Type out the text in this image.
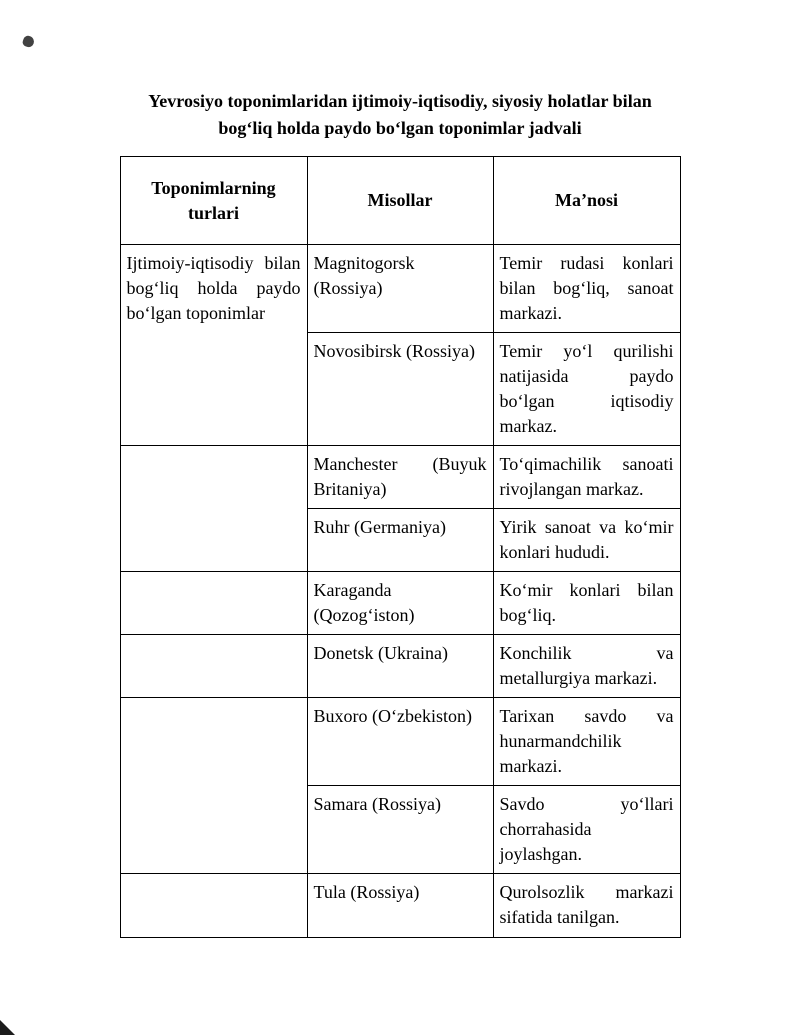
Yevrosiyo toponimlaridan ijtimoiy-iqtisodiy, siyosiy holatlar bilan bog‘liq holda paydo bo‘lgan toponimlar jadvali
Toponimlarning turlari	Misollar	Ma’nosi
Ijtimoiy-iqtisodiy bilan bog‘liq holda paydo bo‘lgan toponimlar	Magnitogorsk (Rossiya)	Temir rudasi konlari bilan bog‘liq, sanoat markazi.
	Novosibirsk (Rossiya)	Temir yo‘l qurilishi natijasida paydo bo‘lgan iqtisodiy markaz.
	Manchester (Buyuk Britaniya)	To‘qimachilik sanoati rivojlangan markaz.
	Ruhr (Germaniya)	Yirik sanoat va ko‘mir konlari hududi.
	Karaganda (Qozog‘iston)	Ko‘mir konlari bilan bog‘liq.
	Donetsk (Ukraina)	Konchilik va metallurgiya markazi.
	Buxoro (O‘zbekiston)	Tarixan savdo va hunarmandchilik markazi.
	Samara (Rossiya)	Savdo yo‘llari chorrahasida joylashgan.
	Tula (Rossiya)	Qurolsozlik markazi sifatida tanilgan.
